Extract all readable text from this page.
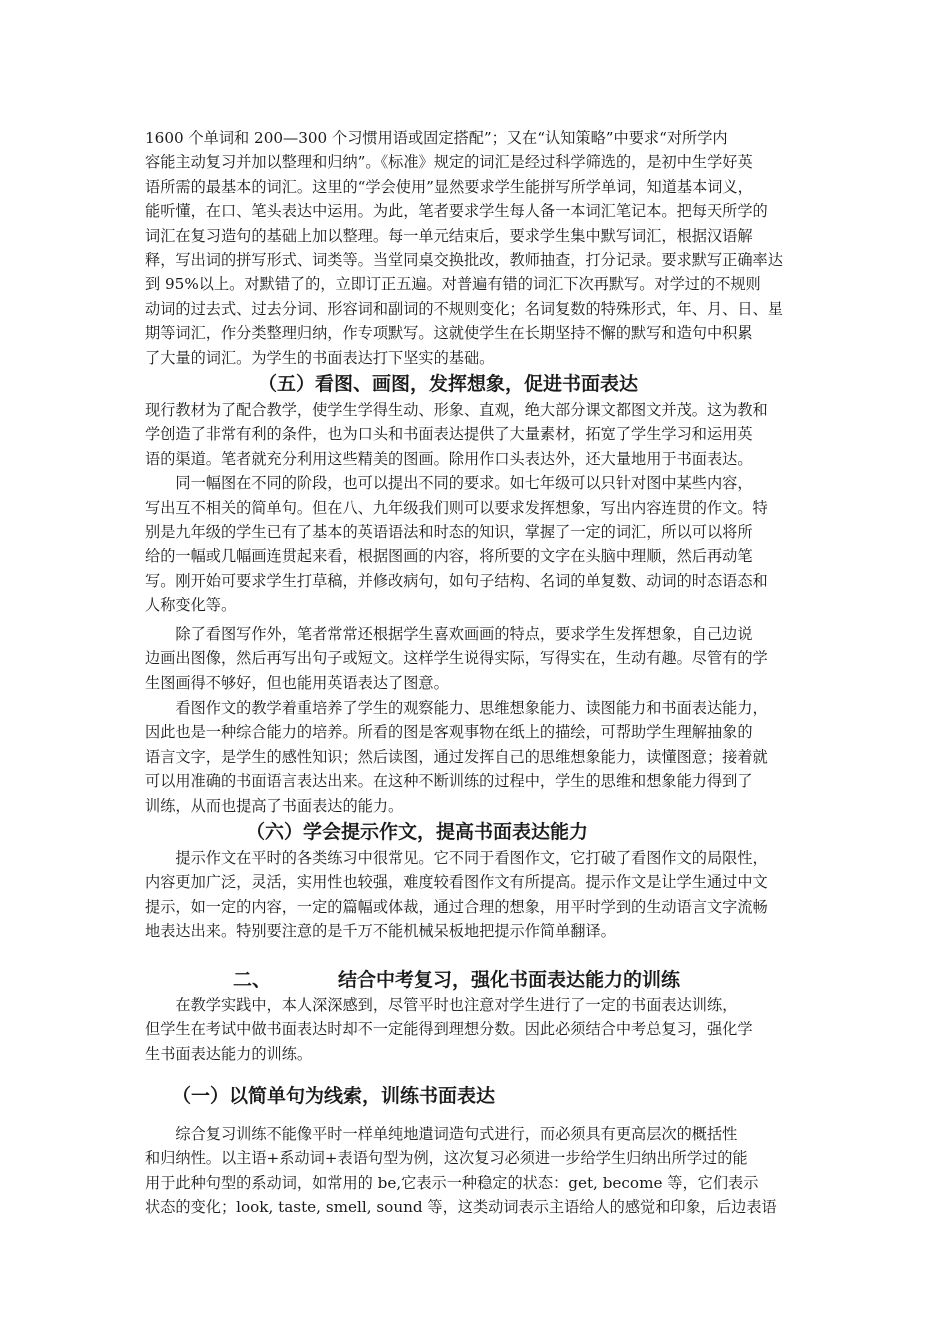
1600 个单词和 200—300 个习惯用语或固定搭配”；又在“认知策略”中要求“对所学内
容能主动复习并加以整理和归纳”。《标准》规定的词汇是经过科学筛选的，是初中生学好英
语所需的最基本的词汇。这里的“学会使用”显然要求学生能拼写所学单词，知道基本词义，
能听懂，在口、笔头表达中运用。为此，笔者要求学生每人备一本词汇笔记本。把每天所学的
词汇在复习造句的基础上加以整理。每一单元结束后，要求学生集中默写词汇，根据汉语解
释，写出词的拼写形式、词类等。当堂同桌交换批改，教师抽查，打分记录。要求默写正确率达
到 95%以上。对默错了的，立即订正五遍。对普遍有错的词汇下次再默写。对学过的不规则
动词的过去式、过去分词、形容词和副词的不规则变化；名词复数的特殊形式，年、月、日、星
期等词汇，作分类整理归纳，作专项默写。这就使学生在长期坚持不懈的默写和造句中积累
了大量的词汇。为学生的书面表达打下坚实的基础。
（五）看图、画图，发挥想象，促进书面表达
现行教材为了配合教学，使学生学得生动、形象、直观，绝大部分课文都图文并茂。这为教和
学创造了非常有利的条件，也为口头和书面表达提供了大量素材，拓宽了学生学习和运用英
语的渠道。笔者就充分利用这些精美的图画。除用作口头表达外，还大量地用于书面表达。
　　同一幅图在不同的阶段，也可以提出不同的要求。如七年级可以只针对图中某些内容，
写出互不相关的简单句。但在八、九年级我们则可以要求发挥想象，写出内容连贯的作文。特
别是九年级的学生已有了基本的英语语法和时态的知识，掌握了一定的词汇，所以可以将所
给的一幅或几幅画连贯起来看，根据图画的内容，将所要的文字在头脑中理顺，然后再动笔
写。刚开始可要求学生打草稿，并修改病句，如句子结构、名词的单复数、动词的时态语态和
人称变化等。
　　除了看图写作外，笔者常常还根据学生喜欢画画的特点，要求学生发挥想象，自己边说
边画出图像，然后再写出句子或短文。这样学生说得实际，写得实在，生动有趣。尽管有的学
生图画得不够好，但也能用英语表达了图意。
　　看图作文的教学着重培养了学生的观察能力、思维想象能力、读图能力和书面表达能力，
因此也是一种综合能力的培养。所看的图是客观事物在纸上的描绘，可帮助学生理解抽象的
语言文字，是学生的感性知识；然后读图，通过发挥自己的思维想象能力，读懂图意；接着就
可以用准确的书面语言表达出来。在这种不断训练的过程中，学生的思维和想象能力得到了
训练，从而也提高了书面表达的能力。
（六）学会提示作文，提高书面表达能力
　　提示作文在平时的各类练习中很常见。它不同于看图作文，它打破了看图作文的局限性，
内容更加广泛，灵活，实用性也较强，难度较看图作文有所提高。提示作文是让学生通过中文
提示，如一定的内容，一定的篇幅或体裁，通过合理的想象，用平时学到的生动语言文字流畅
地表达出来。特别要注意的是千万不能机械呆板地把提示作简单翻译。
二、	结合中考复习，强化书面表达能力的训练
　　在教学实践中，本人深深感到，尽管平时也注意对学生进行了一定的书面表达训练，
但学生在考试中做书面表达时却不一定能得到理想分数。因此必须结合中考总复习，强化学
生书面表达能力的训练。
（一）以简单句为线索，训练书面表达
　　综合复习训练不能像平时一样单纯地遣词造句式进行，而必须具有更高层次的概括性
和归纳性。以主语+系动词+表语句型为例，这次复习必须进一步给学生归纳出所学过的能
用于此种句型的系动词，如常用的 be,它表示一种稳定的状态：get, become 等，它们表示
状态的变化；look, taste, smell, sound 等，这类动词表示主语给人的感觉和印象，后边表语
